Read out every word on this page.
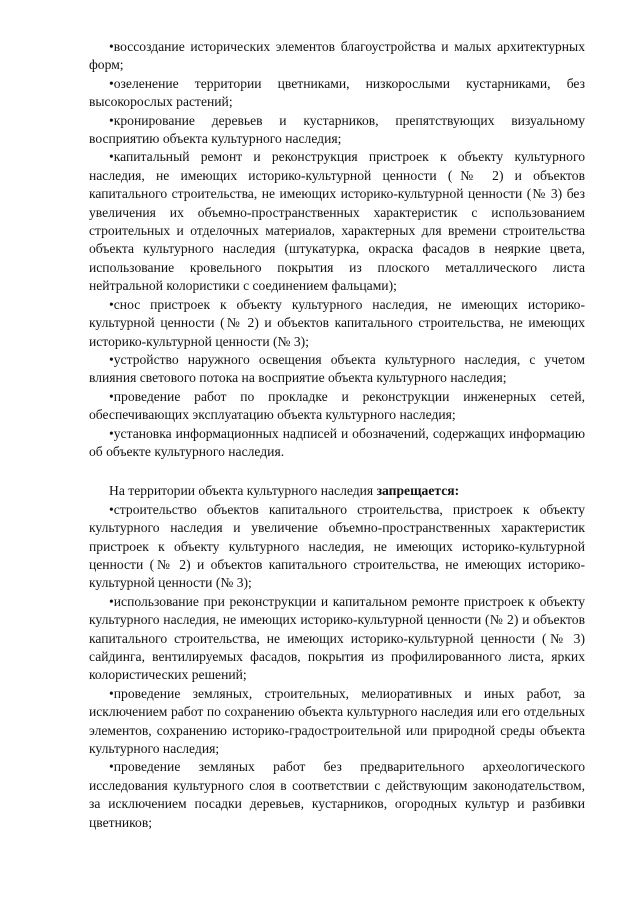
•воссоздание исторических элементов благоустройства и малых архитектурных форм;

•озеленение территории цветниками, низкорослыми кустарниками, без высокорослых растений;

•кронирование деревьев и кустарников, препятствующих визуальному восприятию объекта культурного наследия;

•капитальный ремонт и реконструкция пристроек к объекту культурного наследия, не имеющих историко-культурной ценности (№ 2) и объектов капитального строительства, не имеющих историко-культурной ценности (№ 3) без увеличения их объемно-пространственных характеристик с использованием строительных и отделочных материалов, характерных для времени строительства объекта культурного наследия (штукатурка, окраска фасадов в неяркие цвета, использование кровельного покрытия из плоского металлического листа нейтральной колористики с соединением фальцами);

•снос пристроек к объекту культурного наследия, не имеющих историко-культурной ценности (№ 2) и объектов капитального строительства, не имеющих историко-культурной ценности (№ 3);

•устройство наружного освещения объекта культурного наследия, с учетом влияния светового потока на восприятие объекта культурного наследия;

•проведение работ по прокладке и реконструкции инженерных сетей, обеспечивающих эксплуатацию объекта культурного наследия;

•установка информационных надписей и обозначений, содержащих информацию об объекте культурного наследия.

На территории объекта культурного наследия запрещается:

•строительство объектов капитального строительства, пристроек к объекту культурного наследия и увеличение объемно-пространственных характеристик пристроек к объекту культурного наследия, не имеющих историко-культурной ценности (№ 2) и объектов капитального строительства, не имеющих историко-культурной ценности (№ 3);

•использование при реконструкции и капитальном ремонте пристроек к объекту культурного наследия, не имеющих историко-культурной ценности (№ 2) и объектов капитального строительства, не имеющих историко-культурной ценности (№ 3) сайдинга, вентилируемых фасадов, покрытия из профилированного листа, ярких колористических решений;

•проведение земляных, строительных, мелиоративных и иных работ, за исключением работ по сохранению объекта культурного наследия или его отдельных элементов, сохранению историко-градостроительной или природной среды объекта культурного наследия;

•проведение земляных работ без предварительного археологического исследования культурного слоя в соответствии с действующим законодательством, за исключением посадки деревьев, кустарников, огородных культур и разбивки цветников;
